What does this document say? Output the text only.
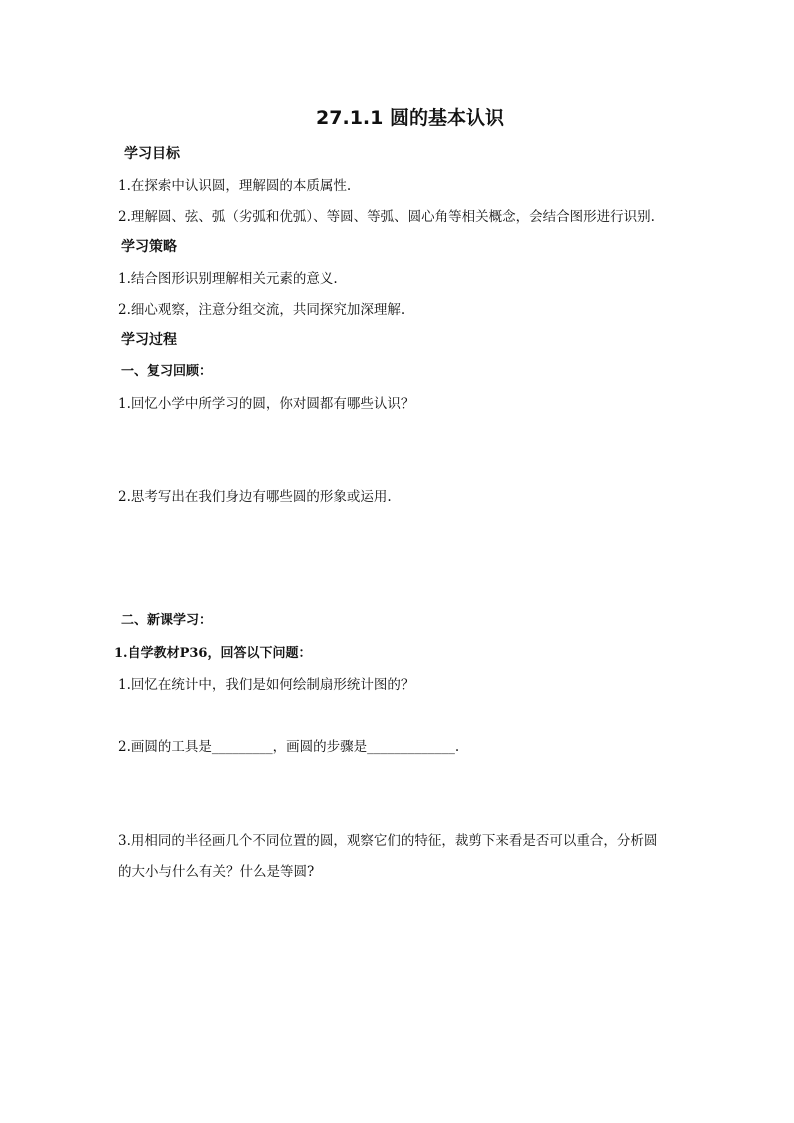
27.1.1 圆的基本认识
学习目标
1.在探索中认识圆，理解圆的本质属性.
2.理解圆、弦、弧（劣弧和优弧）、等圆、等弧、圆心角等相关概念，会结合图形进行识别.
学习策略
1.结合图形识别理解相关元素的意义.
2.细心观察，注意分组交流，共同探究加深理解.
学习过程
一、复习回顾：
1.回忆小学中所学习的圆，你对圆都有哪些认识？
2.思考写出在我们身边有哪些圆的形象或运用.
二、新课学习：
1.自学教材P36，回答以下问题：
1.回忆在统计中，我们是如何绘制扇形统计图的？
2.画圆的工具是_________，画圆的步骤是_____________.
3.用相同的半径画几个不同位置的圆，观察它们的特征，裁剪下来看是否可以重合，分析圆
的大小与什么有关？什么是等圆?
